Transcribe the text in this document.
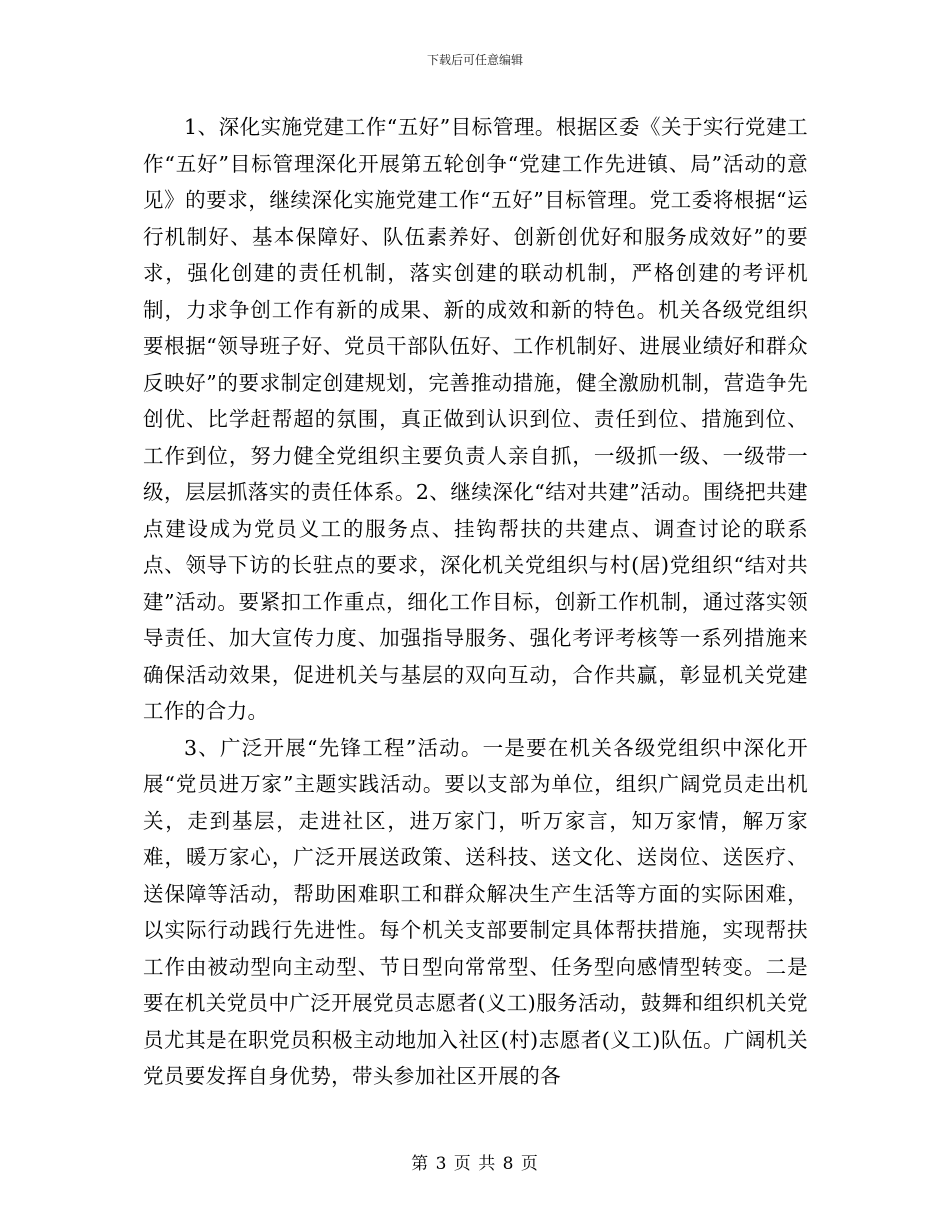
下载后可任意编辑

1、深化实施党建工作“五好”目标管理。根据区委《关于实行党建工作“五好”目标管理深化开展第五轮创争“党建工作先进镇、局”活动的意见》的要求，继续深化实施党建工作“五好”目标管理。党工委将根据“运行机制好、基本保障好、队伍素养好、创新创优好和服务成效好”的要求，强化创建的责任机制，落实创建的联动机制，严格创建的考评机制，力求争创工作有新的成果、新的成效和新的特色。机关各级党组织要根据“领导班子好、党员干部队伍好、工作机制好、进展业绩好和群众反映好”的要求制定创建规划，完善推动措施，健全激励机制，营造争先创优、比学赶帮超的氛围，真正做到认识到位、责任到位、措施到位、工作到位，努力健全党组织主要负责人亲自抓，一级抓一级、一级带一级，层层抓落实的责任体系。2、继续深化“结对共建”活动。围绕把共建点建设成为党员义工的服务点、挂钩帮扶的共建点、调查讨论的联系点、领导下访的长驻点的要求，深化机关党组织与村(居)党组织“结对共建”活动。要紧扣工作重点，细化工作目标，创新工作机制，通过落实领导责任、加大宣传力度、加强指导服务、强化考评考核等一系列措施来确保活动效果，促进机关与基层的双向互动，合作共赢，彰显机关党建工作的合力。

3、广泛开展“先锋工程”活动。一是要在机关各级党组织中深化开展“党员进万家”主题实践活动。要以支部为单位，组织广阔党员走出机关，走到基层，走进社区，进万家门，听万家言，知万家情，解万家难，暖万家心，广泛开展送政策、送科技、送文化、送岗位、送医疗、送保障等活动，帮助困难职工和群众解决生产生活等方面的实际困难，以实际行动践行先进性。每个机关支部要制定具体帮扶措施，实现帮扶工作由被动型向主动型、节日型向常常型、任务型向感情型转变。二是要在机关党员中广泛开展党员志愿者(义工)服务活动，鼓舞和组织机关党员尤其是在职党员积极主动地加入社区(村)志愿者(义工)队伍。广阔机关党员要发挥自身优势，带头参加社区开展的各

第 3 页 共 8 页
